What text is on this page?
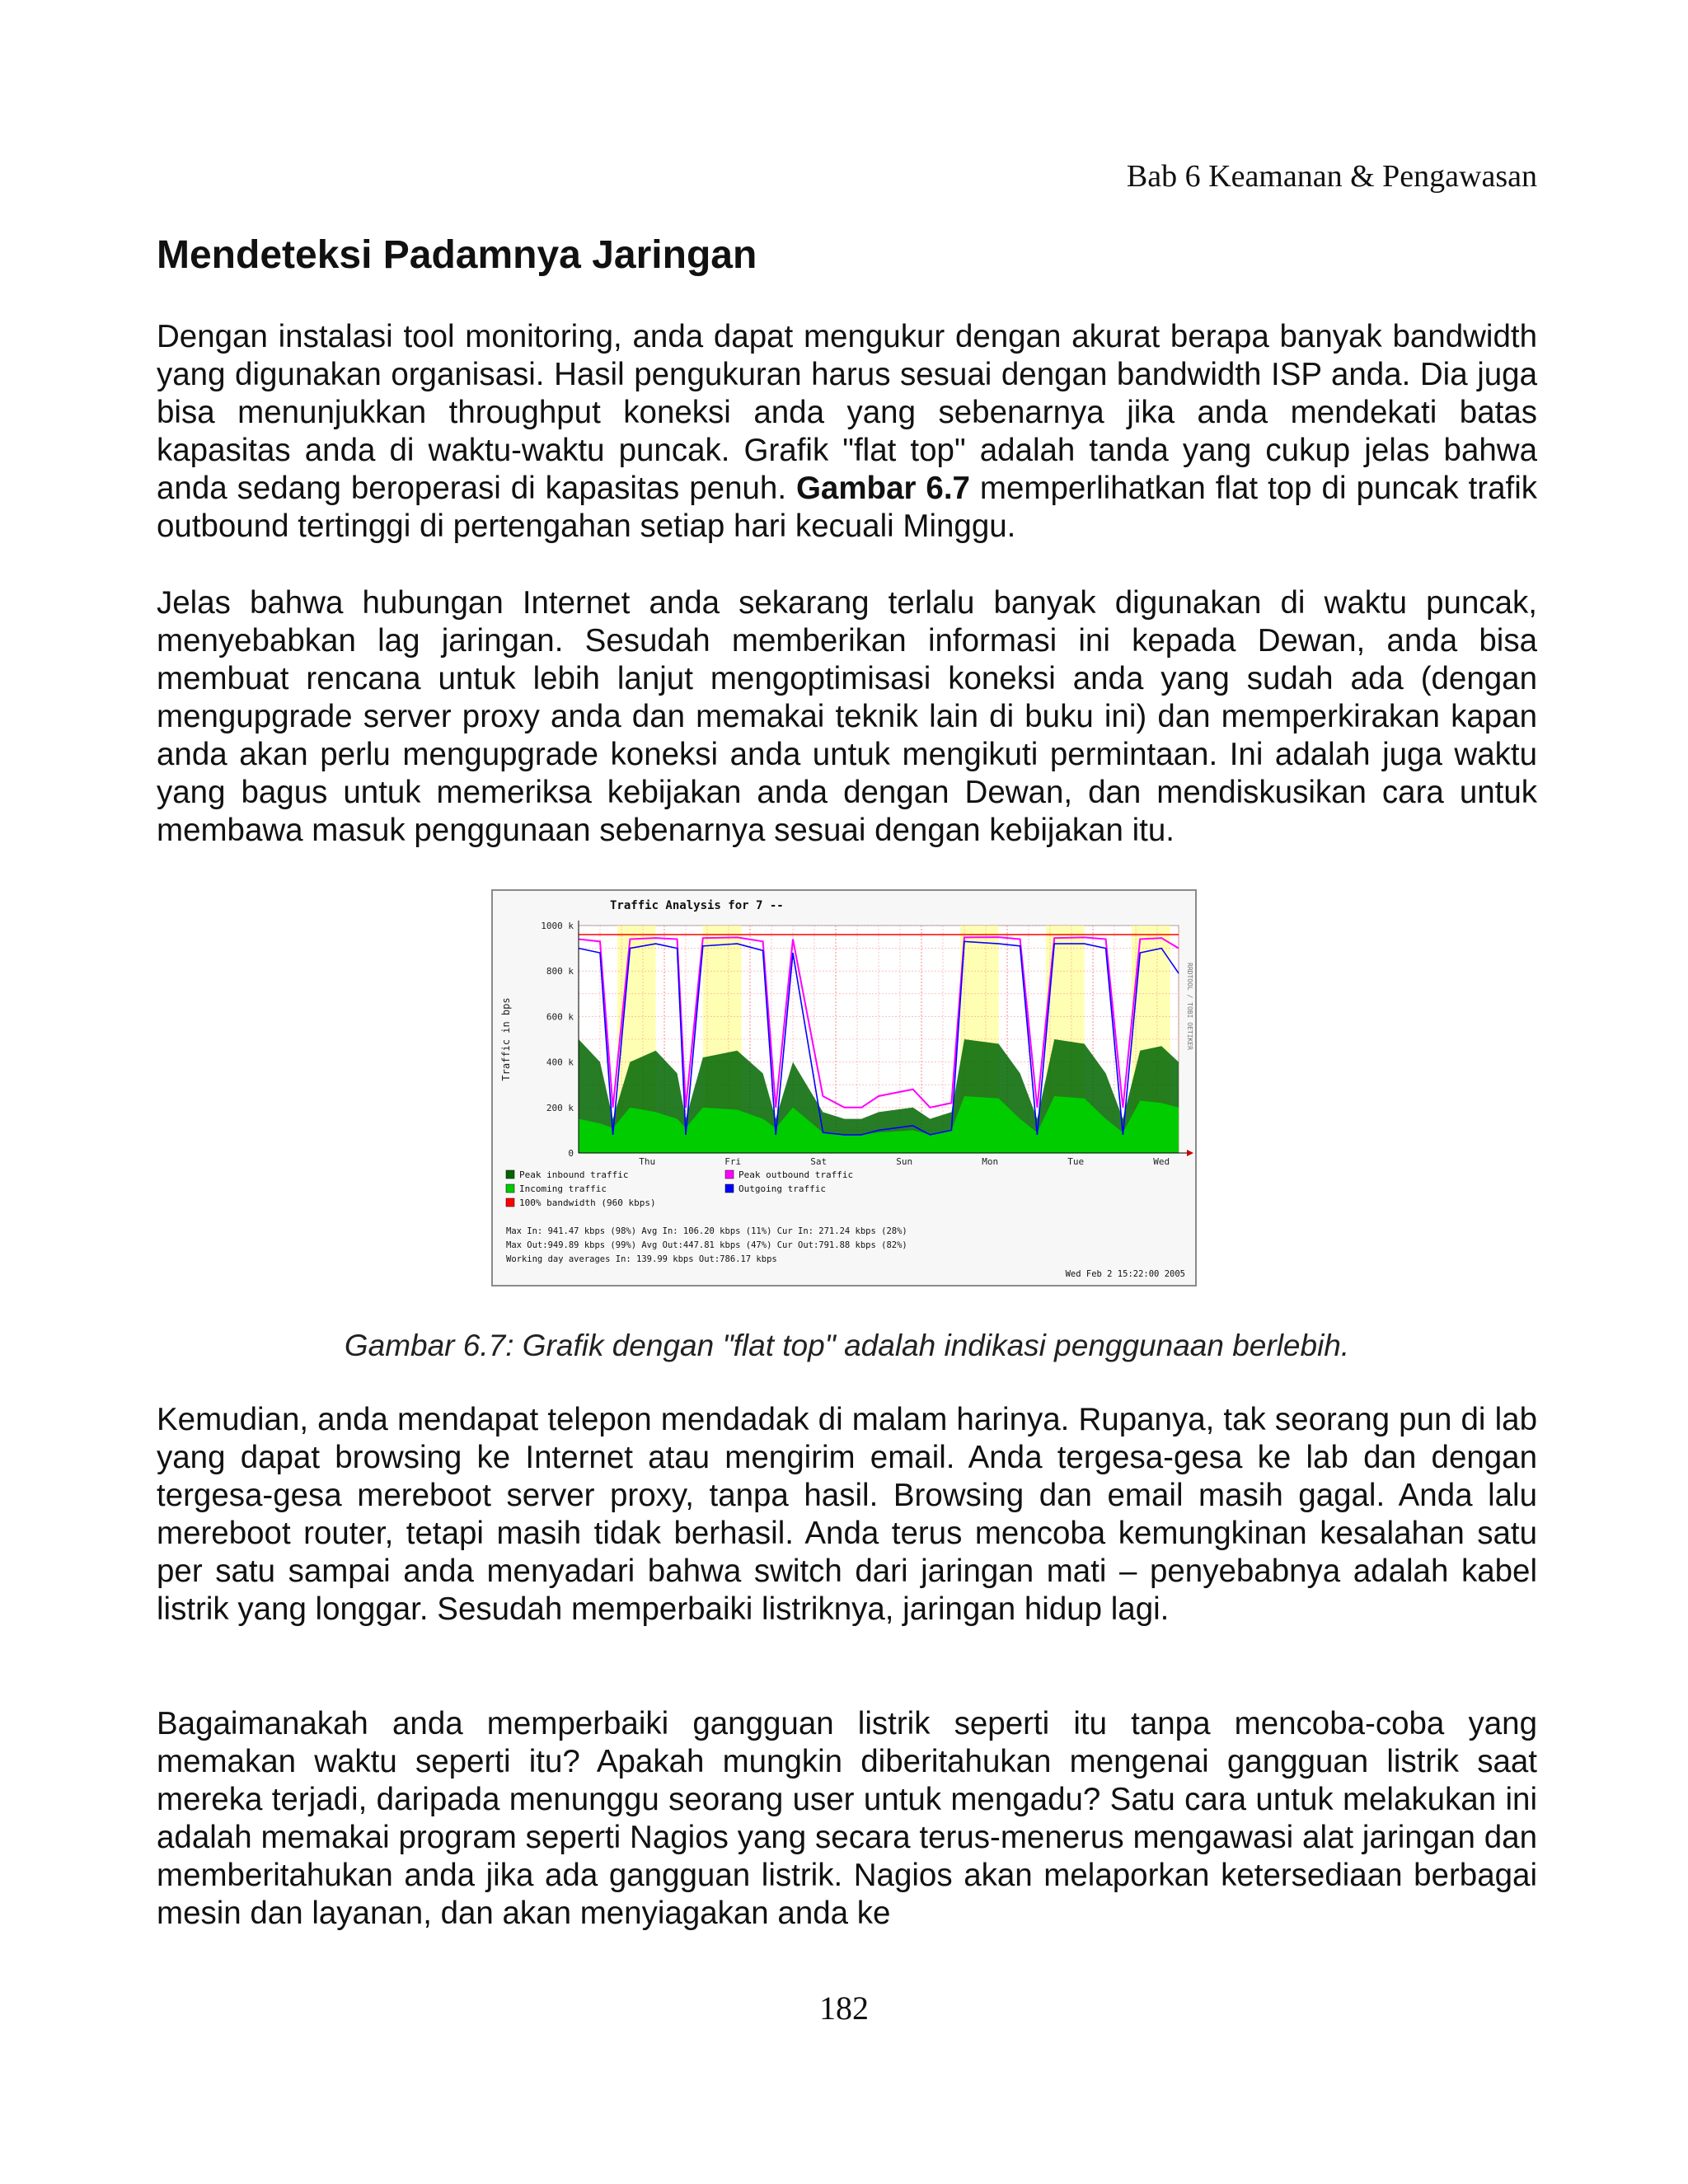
Bab 6 Keamanan & Pengawasan
Mendeteksi Padamnya Jaringan

Dengan instalasi tool monitoring, anda dapat mengukur dengan akurat berapa banyak bandwidth yang digunakan organisasi. Hasil pengukuran harus sesuai dengan bandwidth ISP anda. Dia juga bisa menunjukkan throughput koneksi anda yang sebenarnya jika anda mendekati batas kapasitas anda di waktu-waktu puncak. Grafik "flat top" adalah tanda yang cukup jelas bahwa anda sedang beroperasi di kapasitas penuh. Gambar 6.7 memperlihatkan flat top di puncak trafik outbound tertinggi di pertengahan setiap hari kecuali Minggu.

Jelas bahwa hubungan Internet anda sekarang terlalu banyak digunakan di waktu puncak, menyebabkan lag jaringan. Sesudah memberikan informasi ini kepada Dewan, anda bisa membuat rencana untuk lebih lanjut mengoptimisasi koneksi anda yang sudah ada (dengan mengupgrade server proxy anda dan memakai teknik lain di buku ini) dan memperkirakan kapan anda akan perlu mengupgrade koneksi anda untuk mengikuti permintaan. Ini adalah juga waktu yang bagus untuk memeriksa kebijakan anda dengan Dewan, dan mendiskusikan cara untuk membawa masuk penggunaan sebenarnya sesuai dengan kebijakan itu.

0
200 k
400 k
600 k
800 k
1000 k
Thu	Fri	Sat	Sun	Mon	Tue	Wed
Traffic Analysis for 7 --
Traffic in bps	RRDTOOL / TOBI OETIKER
Peak inbound traffic
Incoming traffic
100% bandwidth (960 kbps)
Peak outbound traffic
Outgoing traffic
Max In: 941.47 kbps (98%) Avg In: 106.20 kbps (11%) Cur In: 271.24 kbps (28%)
Max Out:949.89 kbps (99%) Avg Out:447.81 kbps (47%) Cur Out:791.88 kbps (82%)
Working day averages In: 139.99 kbps Out:786.17 kbps
Wed Feb 2 15:22:00 2005

Gambar 6.7: Grafik dengan "flat top" adalah indikasi penggunaan berlebih.

Kemudian, anda mendapat telepon mendadak di malam harinya. Rupanya, tak seorang pun di lab yang dapat browsing ke Internet atau mengirim email. Anda tergesa-gesa ke lab dan dengan tergesa-gesa mereboot server proxy, tanpa hasil. Browsing dan email masih gagal. Anda lalu mereboot router, tetapi masih tidak berhasil. Anda terus mencoba kemungkinan kesalahan satu per satu sampai anda menyadari bahwa switch dari jaringan mati – penyebabnya adalah kabel listrik yang longgar. Sesudah memperbaiki listriknya, jaringan hidup lagi.

Bagaimanakah anda memperbaiki gangguan listrik seperti itu tanpa mencoba-coba yang memakan waktu seperti itu? Apakah mungkin diberitahukan mengenai gangguan listrik saat mereka terjadi, daripada menunggu seorang user untuk mengadu? Satu cara untuk melakukan ini adalah memakai program seperti Nagios yang secara terus-menerus mengawasi alat jaringan dan memberitahukan anda jika ada gangguan listrik. Nagios akan melaporkan ketersediaan berbagai mesin dan layanan, dan akan menyiagakan anda ke

182
